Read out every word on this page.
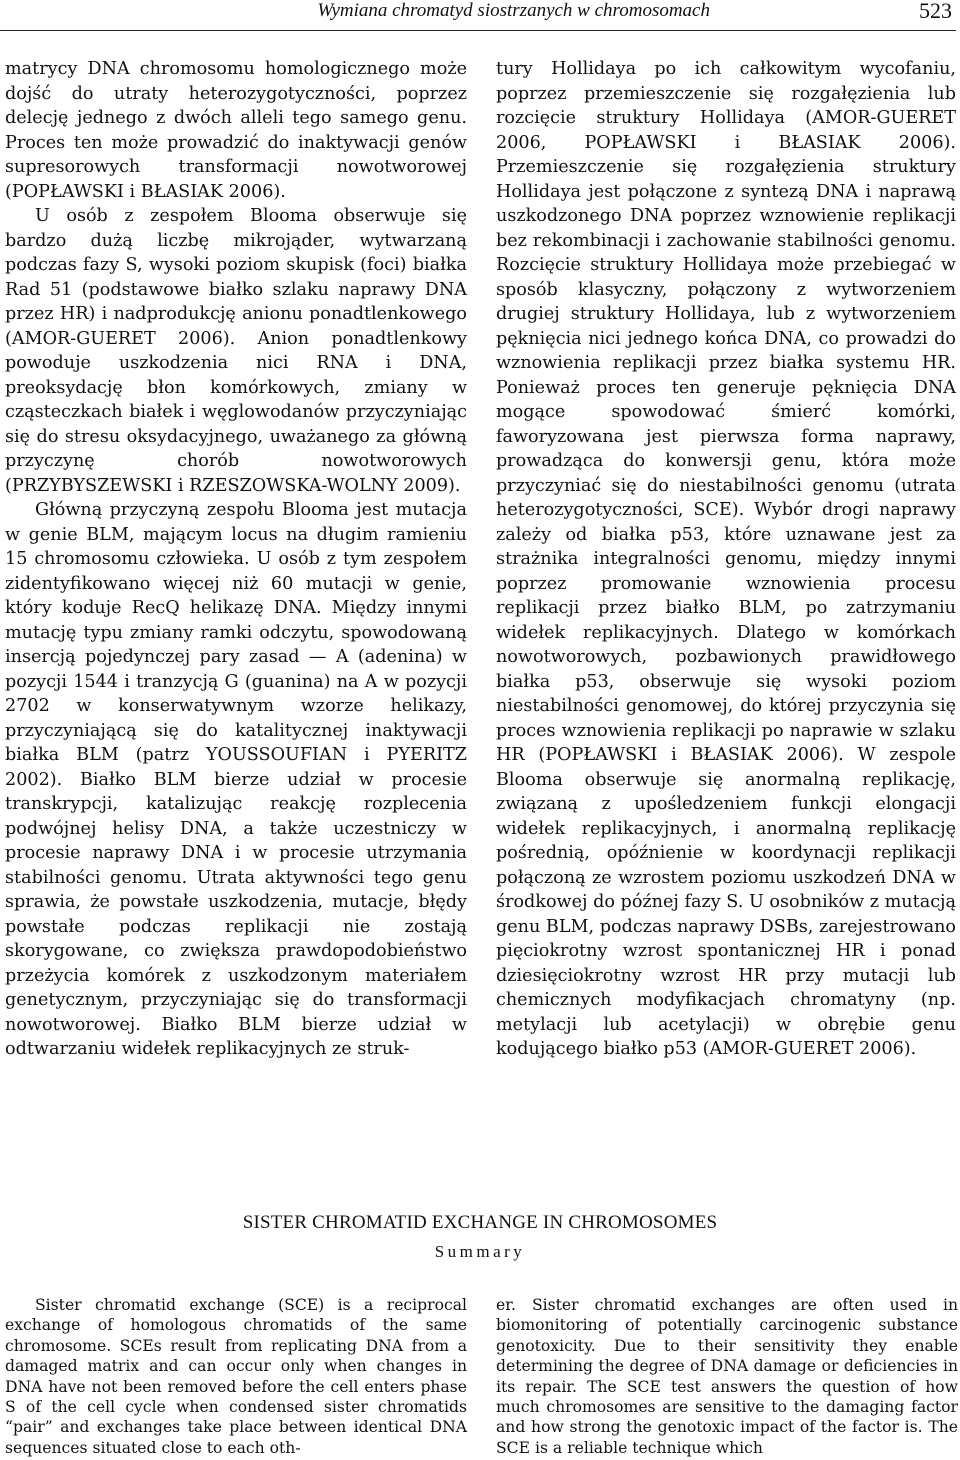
Wymiana chromatyd siostrzanych w chromosomach	523

matrycy DNA chromosomu homologicznego może dojść do utraty heterozygotyczności, poprzez delecję jednego z dwóch alleli tego samego genu. Proces ten może prowadzić do inaktywacji genów supresorowych transformacji nowotworowej (POPŁAWSKI i BŁASIAK 2006).

U osób z zespołem Blooma obserwuje się bardzo dużą liczbę mikrojąder, wytwarzaną podczas fazy S, wysoki poziom skupisk (foci) białka Rad 51 (podstawowe białko szlaku naprawy DNA przez HR) i nadprodukcję anionu ponadtlenkowego (AMOR-GUERET 2006). Anion ponadtlenkowy powoduje uszkodzenia nici RNA i DNA, preoksydację błon komórkowych, zmiany w cząsteczkach białek i węglowodanów przyczyniając się do stresu oksydacyjnego, uważanego za główną przyczynę chorób nowotworowych (PRZYBYSZEWSKI i RZESZOWSKA-WOLNY 2009).

Główną przyczyną zespołu Blooma jest mutacja w genie BLM, mającym locus na długim ramieniu 15 chromosomu człowieka. U osób z tym zespołem zidentyfikowano więcej niż 60 mutacji w genie, który koduje RecQ helikazę DNA. Między innymi mutację typu zmiany ramki odczytu, spowodowaną insercją pojedynczej pary zasad — A (adenina) w pozycji 1544 i tranzycją G (guanina) na A w pozycji 2702 w konserwatywnym wzorze helikazy, przyczyniającą się do katalitycznej inaktywacji białka BLM (patrz YOUSSOUFIAN i PYERITZ 2002). Białko BLM bierze udział w procesie transkrypcji, katalizując reakcję rozplecenia podwójnej helisy DNA, a także uczestniczy w procesie naprawy DNA i w procesie utrzymania stabilności genomu. Utrata aktywności tego genu sprawia, że powstałe uszkodzenia, mutacje, błędy powstałe podczas replikacji nie zostają skorygowane, co zwiększa prawdopodobieństwo przeżycia komórek z uszkodzonym materiałem genetycznym, przyczyniając się do transformacji nowotworowej. Białko BLM bierze udział w odtwarzaniu widełek replikacyjnych ze struk-

tury Hollidaya po ich całkowitym wycofaniu, poprzez przemieszczenie się rozgałęzienia lub rozcięcie struktury Hollidaya (AMOR-GUERET 2006, POPŁAWSKI i BŁASIAK 2006). Przemieszczenie się rozgałęzienia struktury Hollidaya jest połączone z syntezą DNA i naprawą uszkodzonego DNA poprzez wznowienie replikacji bez rekombinacji i zachowanie stabilności genomu. Rozcięcie struktury Hollidaya może przebiegać w sposób klasyczny, połączony z wytworzeniem drugiej struktury Hollidaya, lub z wytworzeniem pęknięcia nici jednego końca DNA, co prowadzi do wznowienia replikacji przez białka systemu HR. Ponieważ proces ten generuje pęknięcia DNA mogące spowodować śmierć komórki, faworyzowana jest pierwsza forma naprawy, prowadząca do konwersji genu, która może przyczyniać się do niestabilności genomu (utrata heterozygotyczności, SCE). Wybór drogi naprawy zależy od białka p53, które uznawane jest za strażnika integralności genomu, między innymi poprzez promowanie wznowienia procesu replikacji przez białko BLM, po zatrzymaniu widełek replikacyjnych. Dlatego w komórkach nowotworowych, pozbawionych prawidłowego białka p53, obserwuje się wysoki poziom niestabilności genomowej, do której przyczynia się proces wznowienia replikacji po naprawie w szlaku HR (POPŁAWSKI i BŁASIAK 2006). W zespole Blooma obserwuje się anormalną replikację, związaną z upośledzeniem funkcji elongacji widełek replikacyjnych, i anormalną replikację pośrednią, opóźnienie w koordynacji replikacji połączoną ze wzrostem poziomu uszkodzeń DNA w środkowej do późnej fazy S. U osobników z mutacją genu BLM, podczas naprawy DSBs, zarejestrowano pięciokrotny wzrost spontanicznej HR i ponad dziesięciokrotny wzrost HR przy mutacji lub chemicznych modyfikacjach chromatyny (np. metylacji lub acetylacji) w obrębie genu kodującego białko p53 (AMOR-GUERET 2006).

SISTER CHROMATID EXCHANGE IN CHROMOSOMES
Summary

Sister chromatid exchange (SCE) is a reciprocal exchange of homologous chromatids of the same chromosome. SCEs result from replicating DNA from a damaged matrix and can occur only when changes in DNA have not been removed before the cell enters phase S of the cell cycle when condensed sister chromatids “pair” and exchanges take place between identical DNA sequences situated close to each oth-

er. Sister chromatid exchanges are often used in biomonitoring of potentially carcinogenic substance genotoxicity. Due to their sensitivity they enable determining the degree of DNA damage or deficiencies in its repair. The SCE test answers the question of how much chromosomes are sensitive to the damaging factor and how strong the genotoxic impact of the factor is. The SCE is a reliable technique which
